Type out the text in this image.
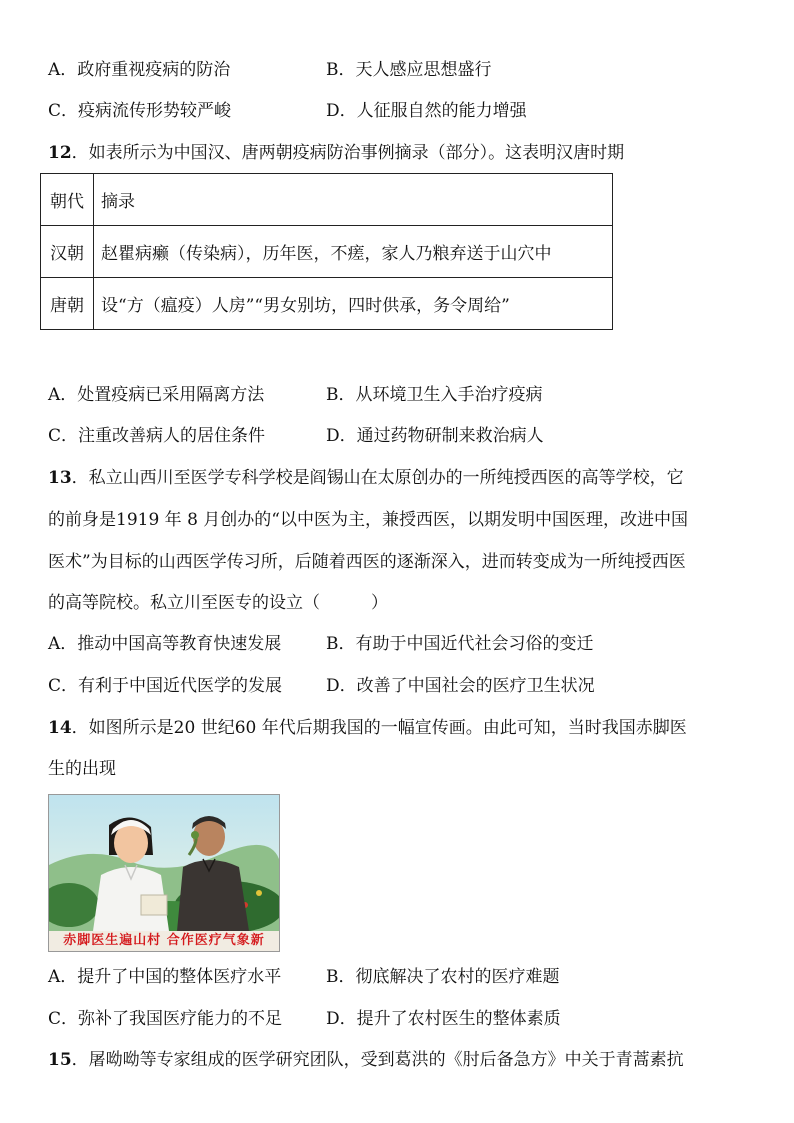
A．政府重视疫病的防治	B．天人感应思想盛行
C．疫病流传形势较严峻	D．人征服自然的能力增强
12．如表所示为中国汉、唐两朝疫病防治事例摘录（部分）。这表明汉唐时期
朝代	摘录
汉朝	赵瞿病癞（传染病），历年医，不瘥，家人乃粮弃送于山穴中
唐朝	设“方（瘟疫）人房”“男女别坊，四时供承，务令周给”
A．处置疫病已采用隔离方法	B．从环境卫生入手治疗疫病
C．注重改善病人的居住条件	D．通过药物研制来救治病人
13．私立山西川至医学专科学校是阎锡山在太原创办的一所纯授西医的高等学校，它
的前身是1919 年 8 月创办的“以中医为主，兼授西医，以期发明中国医理，改进中国
医术”为目标的山西医学传习所，后随着西医的逐渐深入，进而转变成为一所纯授西医
的高等院校。私立川至医专的设立（　　　）
A．推动中国高等教育快速发展	B．有助于中国近代社会习俗的变迁
C．有利于中国近代医学的发展	D．改善了中国社会的医疗卫生状况
14．如图所示是20 世纪60 年代后期我国的一幅宣传画。由此可知，当时我国赤脚医
生的出现
赤脚医生遍山村 合作医疗气象新
A．提升了中国的整体医疗水平	B．彻底解决了农村的医疗难题
C．弥补了我国医疗能力的不足	D．提升了农村医生的整体素质
15．屠呦呦等专家组成的医学研究团队，受到葛洪的《肘后备急方》中关于青蒿素抗
